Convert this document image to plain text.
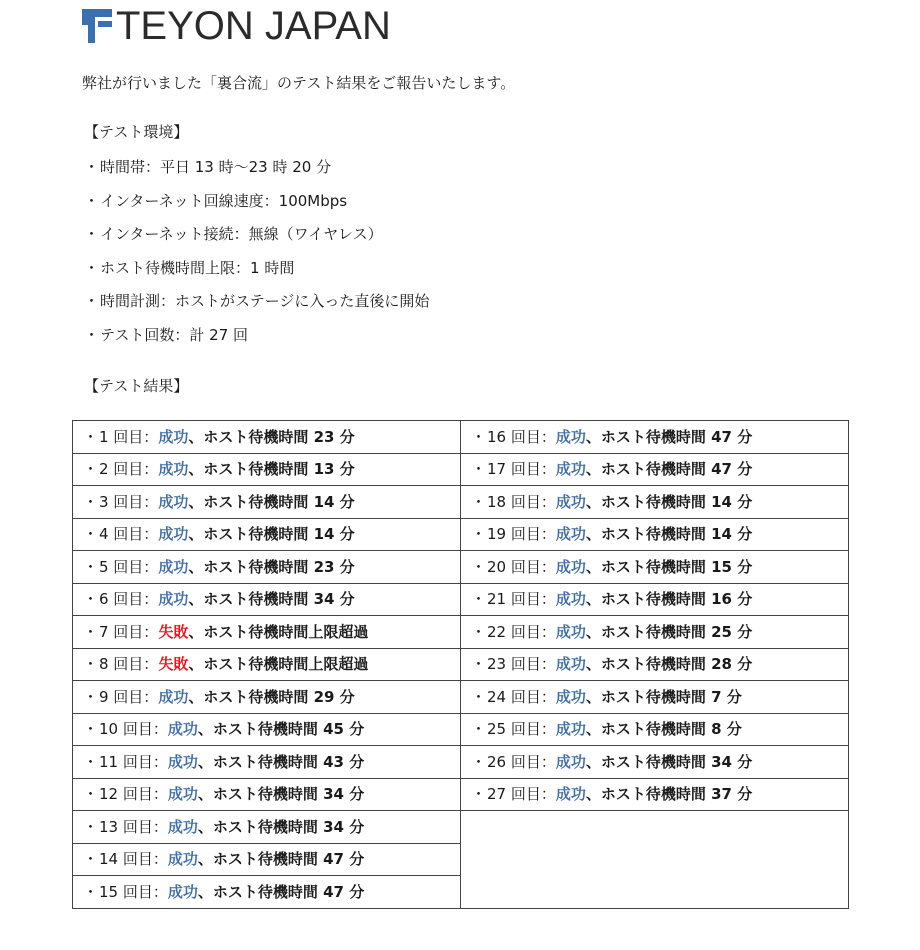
TEYON JAPAN
弊社が行いました「裏合流」のテスト結果をご報告いたします。
【テスト環境】
・ 時間帯：平日 13 時～23 時 20 分
・ インターネット回線速度：100Mbps
・ インターネット接続：無線（ワイヤレス）
・ ホスト待機時間上限：1 時間
・ 時間計測：ホストがステージに入った直後に開始
・ テスト回数：計 27 回
【テスト結果】
・1 回目：成功、ホスト待機時間 23 分	・16 回目：成功、ホスト待機時間 47 分
・2 回目：成功、ホスト待機時間 13 分	・17 回目：成功、ホスト待機時間 47 分
・3 回目：成功、ホスト待機時間 14 分	・18 回目：成功、ホスト待機時間 14 分
・4 回目：成功、ホスト待機時間 14 分	・19 回目：成功、ホスト待機時間 14 分
・5 回目：成功、ホスト待機時間 23 分	・20 回目：成功、ホスト待機時間 15 分
・6 回目：成功、ホスト待機時間 34 分	・21 回目：成功、ホスト待機時間 16 分
・7 回目：失敗、ホスト待機時間上限超過	・22 回目：成功、ホスト待機時間 25 分
・8 回目：失敗、ホスト待機時間上限超過	・23 回目：成功、ホスト待機時間 28 分
・9 回目：成功、ホスト待機時間 29 分	・24 回目：成功、ホスト待機時間 7 分
・10 回目：成功、ホスト待機時間 45 分	・25 回目：成功、ホスト待機時間 8 分
・11 回目：成功、ホスト待機時間 43 分	・26 回目：成功、ホスト待機時間 34 分
・12 回目：成功、ホスト待機時間 34 分	・27 回目：成功、ホスト待機時間 37 分
・13 回目：成功、ホスト待機時間 34 分	
・14 回目：成功、ホスト待機時間 47 分	
・15 回目：成功、ホスト待機時間 47 分	
